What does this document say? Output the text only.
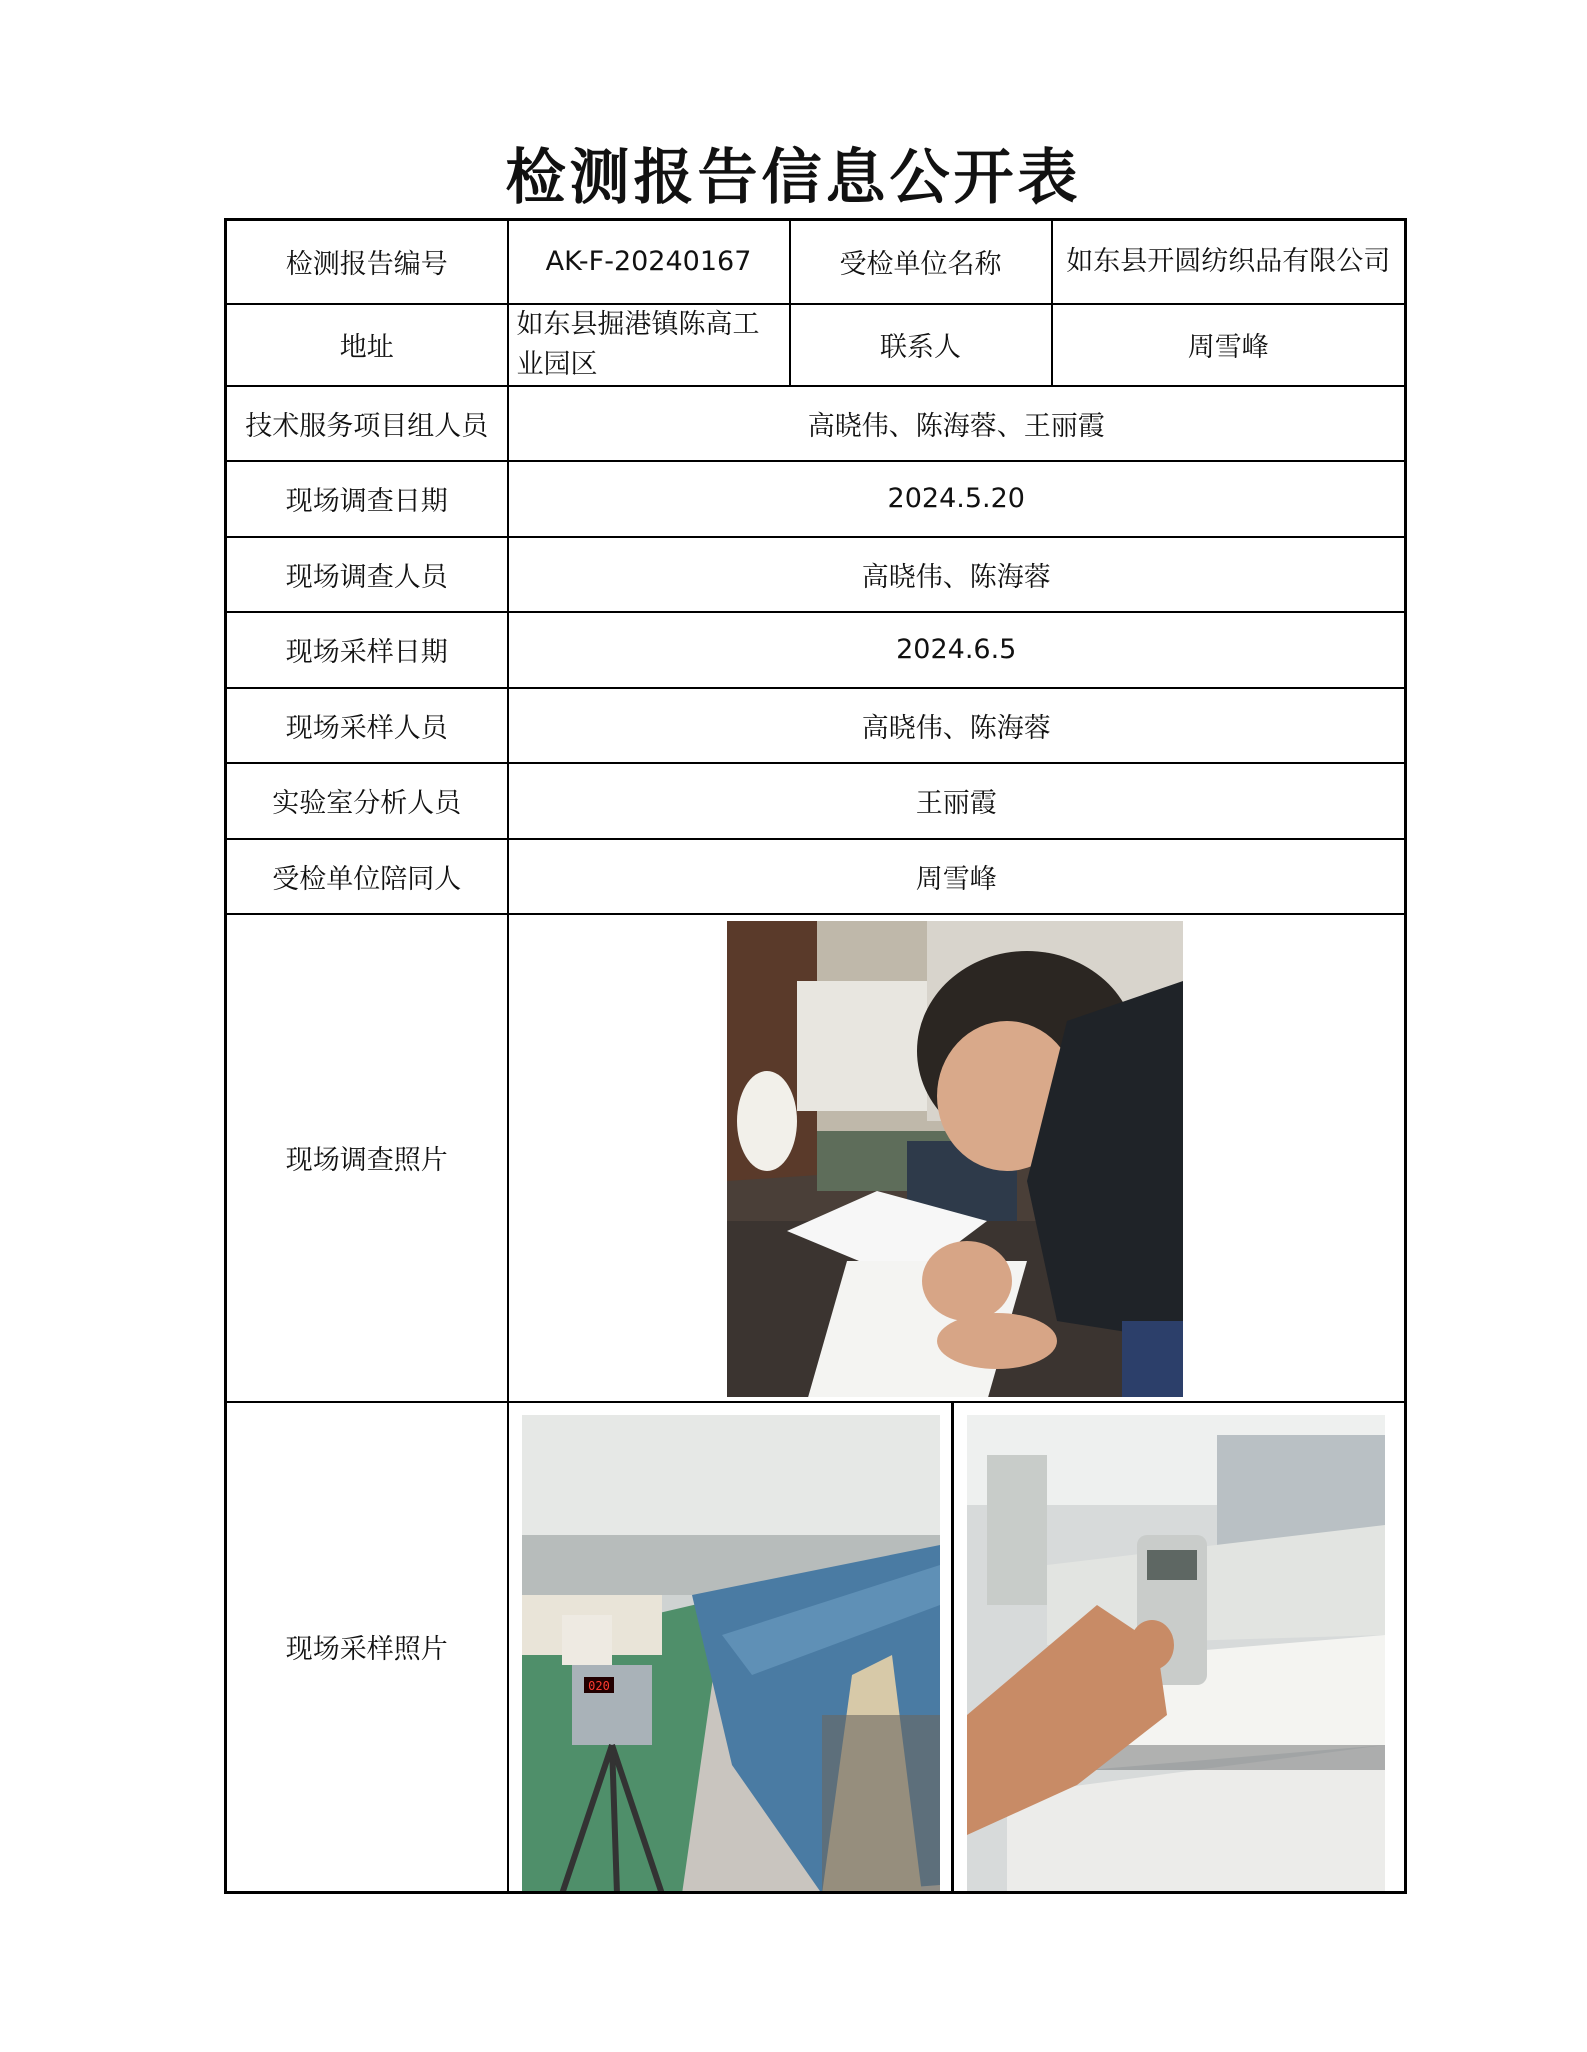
检测报告信息公开表
检测报告编号	AK-F-20240167	受检单位名称	如东县开圆纺织品有限公司
地址	如东县掘港镇陈高工业园区	联系人	周雪峰
技术服务项目组人员	高晓伟、陈海蓉、王丽霞		
现场调查日期	2024.5.20		
现场调查人员	高晓伟、陈海蓉		
现场采样日期	2024.6.5		
现场采样人员	高晓伟、陈海蓉		
实验室分析人员	王丽霞		
受检单位陪同人	周雪峰		
现场调查照片	

现场采样照片	020		
